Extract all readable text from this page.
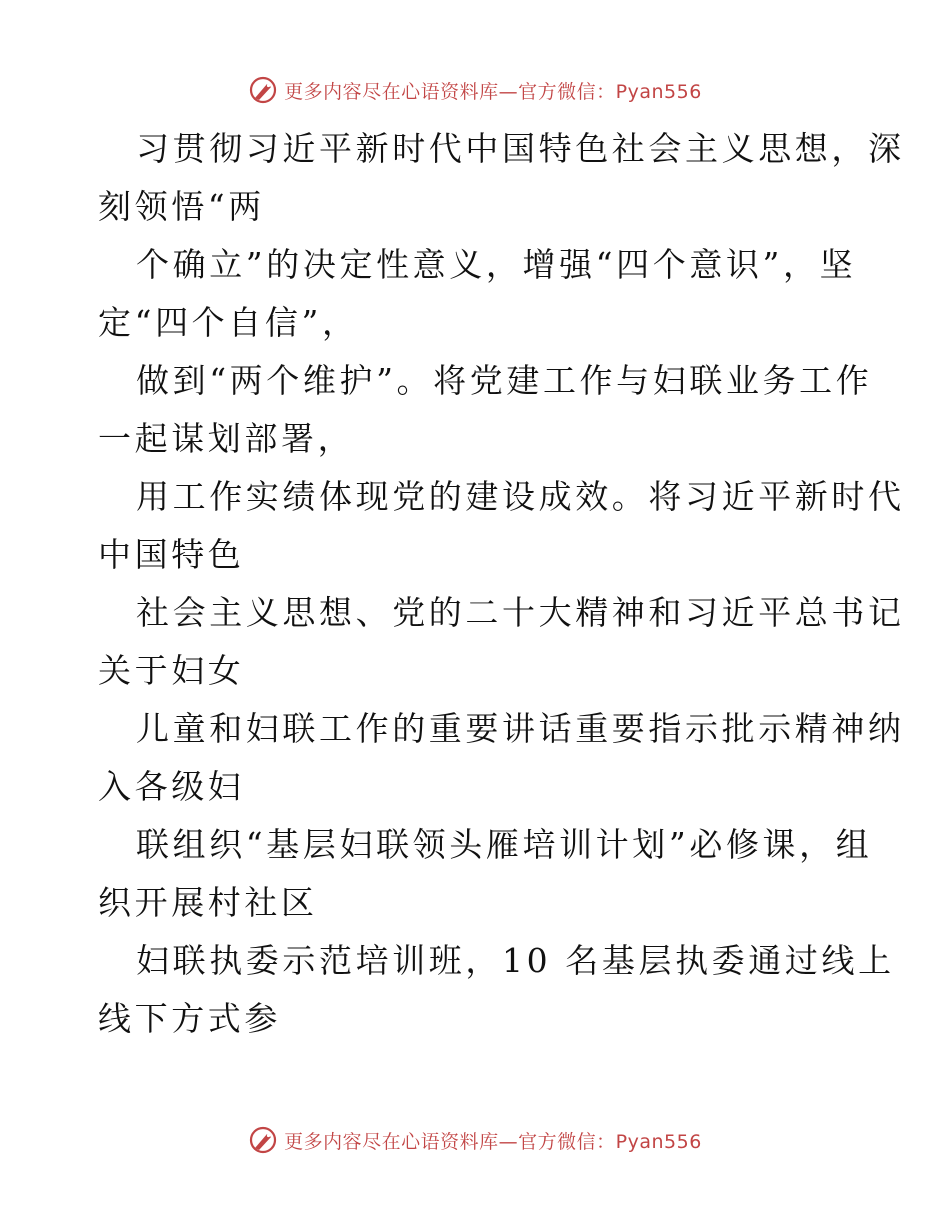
更多内容尽在心语资料库—官方微信：Pyan556
习贯彻习近平新时代中国特色社会主义思想，深
刻领悟“两
个确立”的决定性意义，增强“四个意识”，坚
定“四个自信”，
做到“两个维护”。将党建工作与妇联业务工作
一起谋划部署，
用工作实绩体现党的建设成效。将习近平新时代
中国特色
社会主义思想、党的二十大精神和习近平总书记
关于妇女
儿童和妇联工作的重要讲话重要指示批示精神纳
入各级妇
联组织“基层妇联领头雁培训计划”必修课，组
织开展村社区
妇联执委示范培训班，10 名基层执委通过线上
线下方式参
更多内容尽在心语资料库—官方微信：Pyan556
